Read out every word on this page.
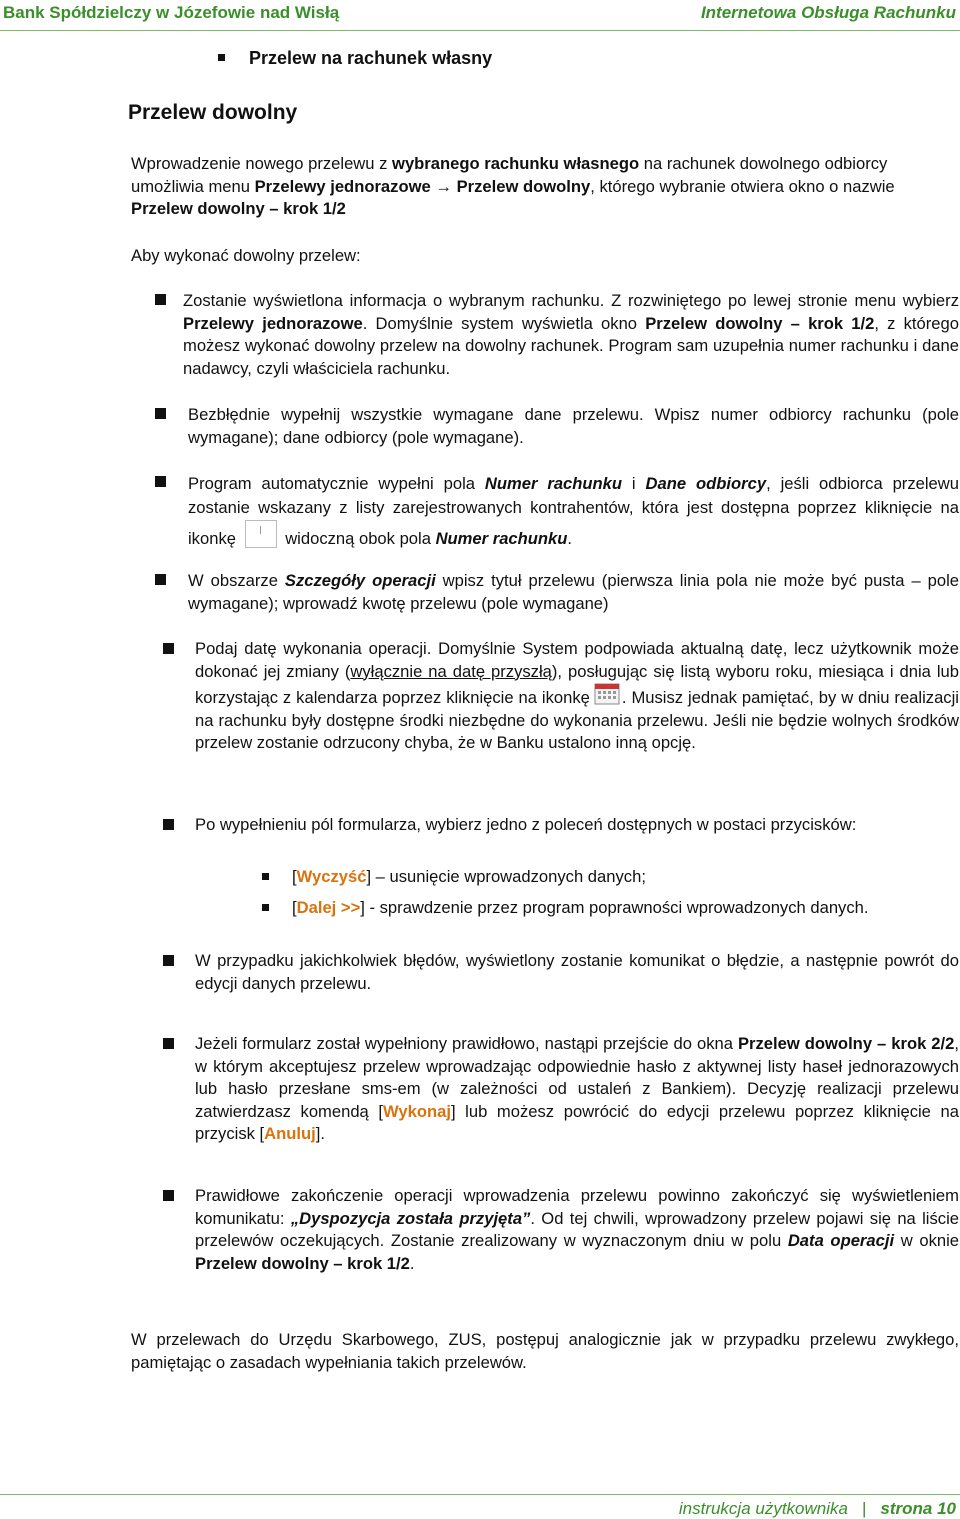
Bank Spółdzielczy w Józefowie nad Wisłą	Internetowa Obsługa Rachunku
Przelew na rachunek własny
Przelew dowolny
Wprowadzenie nowego przelewu z wybranego rachunku własnego na rachunek dowolnego odbiorcy umożliwia menu Przelewy jednorazowe → Przelew dowolny, którego wybranie otwiera okno o nazwie Przelew dowolny – krok 1/2
Aby wykonać dowolny przelew:
Zostanie wyświetlona informacja o wybranym rachunku. Z rozwiniętego po lewej stronie menu wybierz Przelewy jednorazowe. Domyślnie system wyświetla okno Przelew dowolny – krok 1/2, z którego możesz wykonać dowolny przelew na dowolny rachunek. Program sam uzupełnia numer rachunku i dane nadawcy, czyli właściciela rachunku.
Bezbłędnie wypełnij wszystkie wymagane dane przelewu. Wpisz numer odbiorcy rachunku (pole wymagane); dane odbiorcy (pole wymagane).
Program automatycznie wypełni pola Numer rachunku i Dane odbiorcy, jeśli odbiorca przelewu zostanie wskazany z listy zarejestrowanych kontrahentów, która jest dostępna poprzez kliknięcie na ikonkę  widoczną obok pola Numer rachunku.
W obszarze Szczegóły operacji wpisz tytuł przelewu (pierwsza linia pola nie może być pusta – pole wymagane); wprowadź kwotę przelewu (pole wymagane)
Podaj datę wykonania operacji. Domyślnie System podpowiada aktualną datę, lecz użytkownik może dokonać jej zmiany (wyłącznie na datę przyszłą), posługując się listą wyboru roku, miesiąca i dnia lub korzystając z kalendarza poprzez kliknięcie na ikonkę . Musisz jednak pamiętać, by w dniu realizacji na rachunku były dostępne środki niezbędne do wykonania przelewu. Jeśli nie będzie wolnych środków przelew zostanie odrzucony chyba, że w Banku ustalono inną opcję.
Po wypełnieniu pól formularza, wybierz jedno z poleceń dostępnych w postaci przycisków:
[Wyczyść] – usunięcie wprowadzonych danych;
[Dalej >>] - sprawdzenie przez program poprawności wprowadzonych danych.
W przypadku jakichkolwiek błędów, wyświetlony zostanie komunikat o błędzie, a następnie powrót do edycji danych przelewu.
Jeżeli formularz został wypełniony prawidłowo, nastąpi przejście do okna Przelew dowolny – krok 2/2, w którym akceptujesz przelew wprowadzając odpowiednie hasło z aktywnej listy haseł jednorazowych lub hasło przesłane sms-em (w zależności od ustaleń z Bankiem). Decyzję realizacji przelewu zatwierdzasz komendą [Wykonaj] lub możesz powrócić do edycji przelewu poprzez kliknięcie na przycisk [Anuluj].
Prawidłowe zakończenie operacji wprowadzenia przelewu powinno zakończyć się wyświetleniem komunikatu: „Dyspozycja została przyjęta”. Od tej chwili, wprowadzony przelew pojawi się na liście przelewów oczekujących. Zostanie zrealizowany w wyznaczonym dniu w polu Data operacji w oknie Przelew dowolny – krok 1/2.
W przelewach do Urzędu Skarbowego, ZUS, postępuj analogicznie jak w przypadku przelewu zwykłego, pamiętając o zasadach wypełniania takich przelewów.
instrukcja użytkownika | strona 10
